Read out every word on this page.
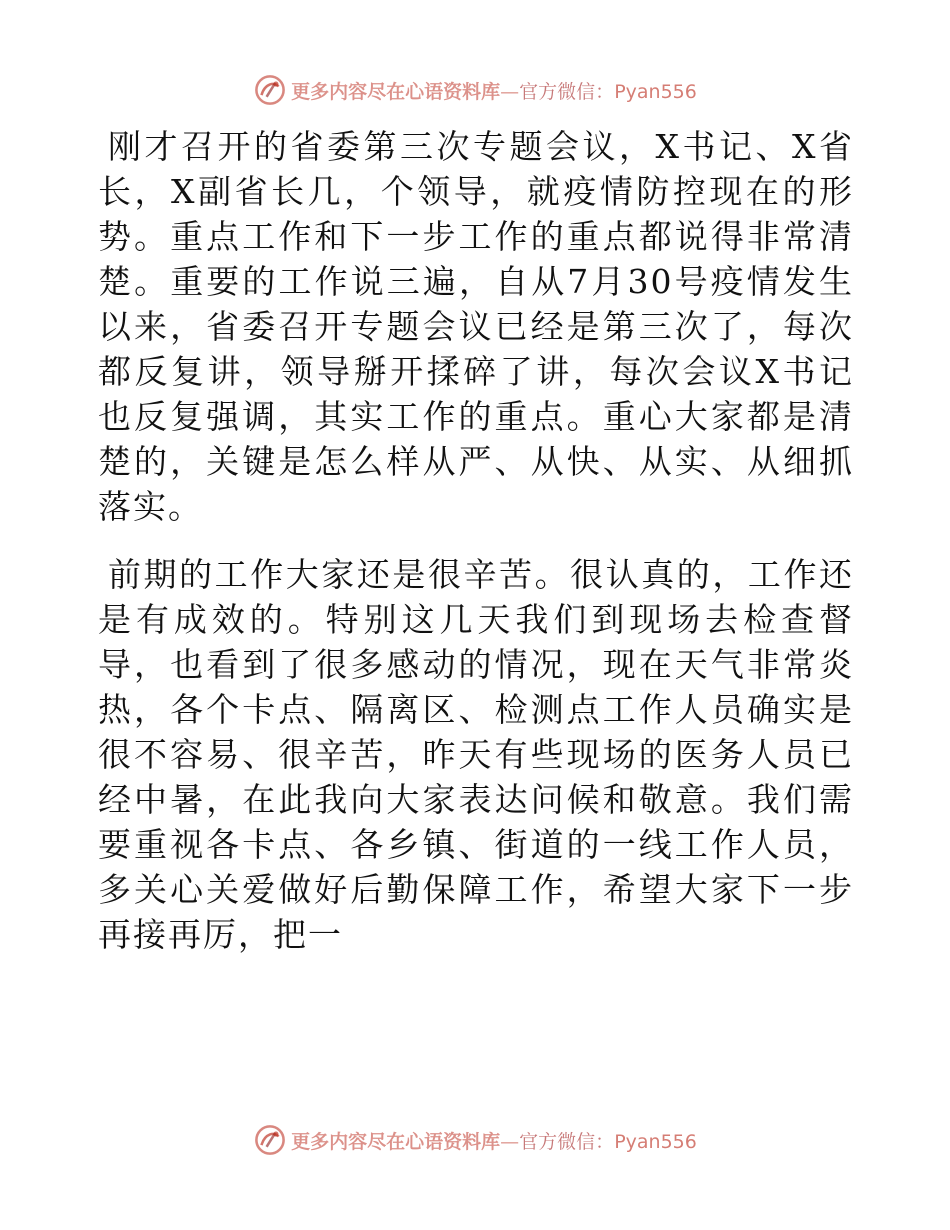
更多内容尽在心语资料库—官方微信：Pyan556

刚才召开的省委第三次专题会议，X书记、X省长，X副省长几，个领导，就疫情防控现在的形势。重点工作和下一步工作的重点都说得非常清楚。重要的工作说三遍，自从7月30号疫情发生以来，省委召开专题会议已经是第三次了，每次都反复讲，领导掰开揉碎了讲，每次会议X书记也反复强调，其实工作的重点。重心大家都是清楚的，关键是怎么样从严、从快、从实、从细抓落实。

前期的工作大家还是很辛苦。很认真的，工作还是有成效的。特别这几天我们到现场去检查督导，也看到了很多感动的情况，现在天气非常炎热，各个卡点、隔离区、检测点工作人员确实是很不容易、很辛苦，昨天有些现场的医务人员已经中暑，在此我向大家表达问候和敬意。我们需要重视各卡点、各乡镇、街道的一线工作人员，多关心关爱做好后勤保障工作，希望大家下一步再接再厉，把一

更多内容尽在心语资料库—官方微信：Pyan556
